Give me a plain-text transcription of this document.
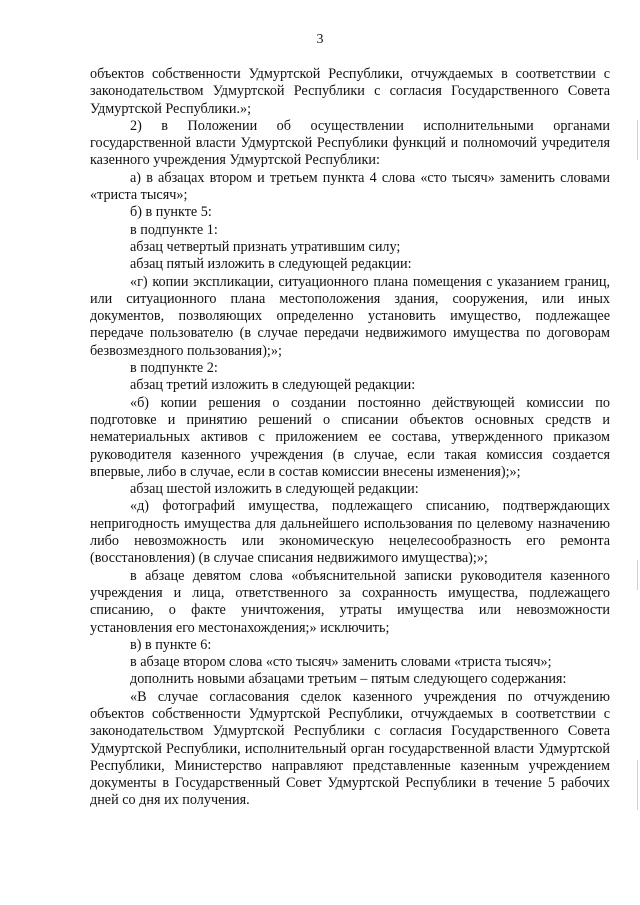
3

объектов собственности Удмуртской Республики, отчуждаемых в соответствии с законодательством Удмуртской Республики с согласия Государственного Совета Удмуртской Республики.»;

2) в Положении об осуществлении исполнительными органами государственной власти Удмуртской Республики функций и полномочий учредителя казенного учреждения Удмуртской Республики:

а) в абзацах втором и третьем пункта 4 слова «сто тысяч» заменить словами «триста тысяч»;

б) в пункте 5:

в подпункте 1:

абзац четвертый признать утратившим силу;

абзац пятый изложить в следующей редакции:

«г) копии экспликации, ситуационного плана помещения с указанием границ, или ситуационного плана местоположения здания, сооружения, или иных документов, позволяющих определенно установить имущество, подлежащее передаче пользователю (в случае передачи недвижимого имущества по договорам безвозмездного пользования);»;

в подпункте 2:

абзац третий изложить в следующей редакции:

«б) копии решения о создании постоянно действующей комиссии по подготовке и принятию решений о списании объектов основных средств и нематериальных активов с приложением ее состава, утвержденного приказом руководителя казенного учреждения (в случае, если такая комиссия создается впервые, либо в случае, если в состав комиссии внесены изменения);»;

абзац шестой изложить в следующей редакции:

«д) фотографий имущества, подлежащего списанию, подтверждающих непригодность имущества для дальнейшего использования по целевому назначению либо невозможность или экономическую нецелесообразность его ремонта (восстановления) (в случае списания недвижимого имущества);»;

в абзаце девятом слова «объяснительной записки руководителя казенного учреждения и лица, ответственного за сохранность имущества, подлежащего списанию, о факте уничтожения, утраты имущества или невозможности установления его местонахождения;» исключить;

в) в пункте 6:

в абзаце втором слова «сто тысяч» заменить словами «триста тысяч»;

дополнить новыми абзацами третьим – пятым следующего содержания:

«В случае согласования сделок казенного учреждения по отчуждению объектов собственности Удмуртской Республики, отчуждаемых в соответствии с законодательством Удмуртской Республики с согласия Государственного Совета Удмуртской Республики, исполнительный орган государственной власти Удмуртской Республики, Министерство направляют представленные казенным учреждением документы в Государственный Совет Удмуртской Республики в течение 5 рабочих дней со дня их получения.
